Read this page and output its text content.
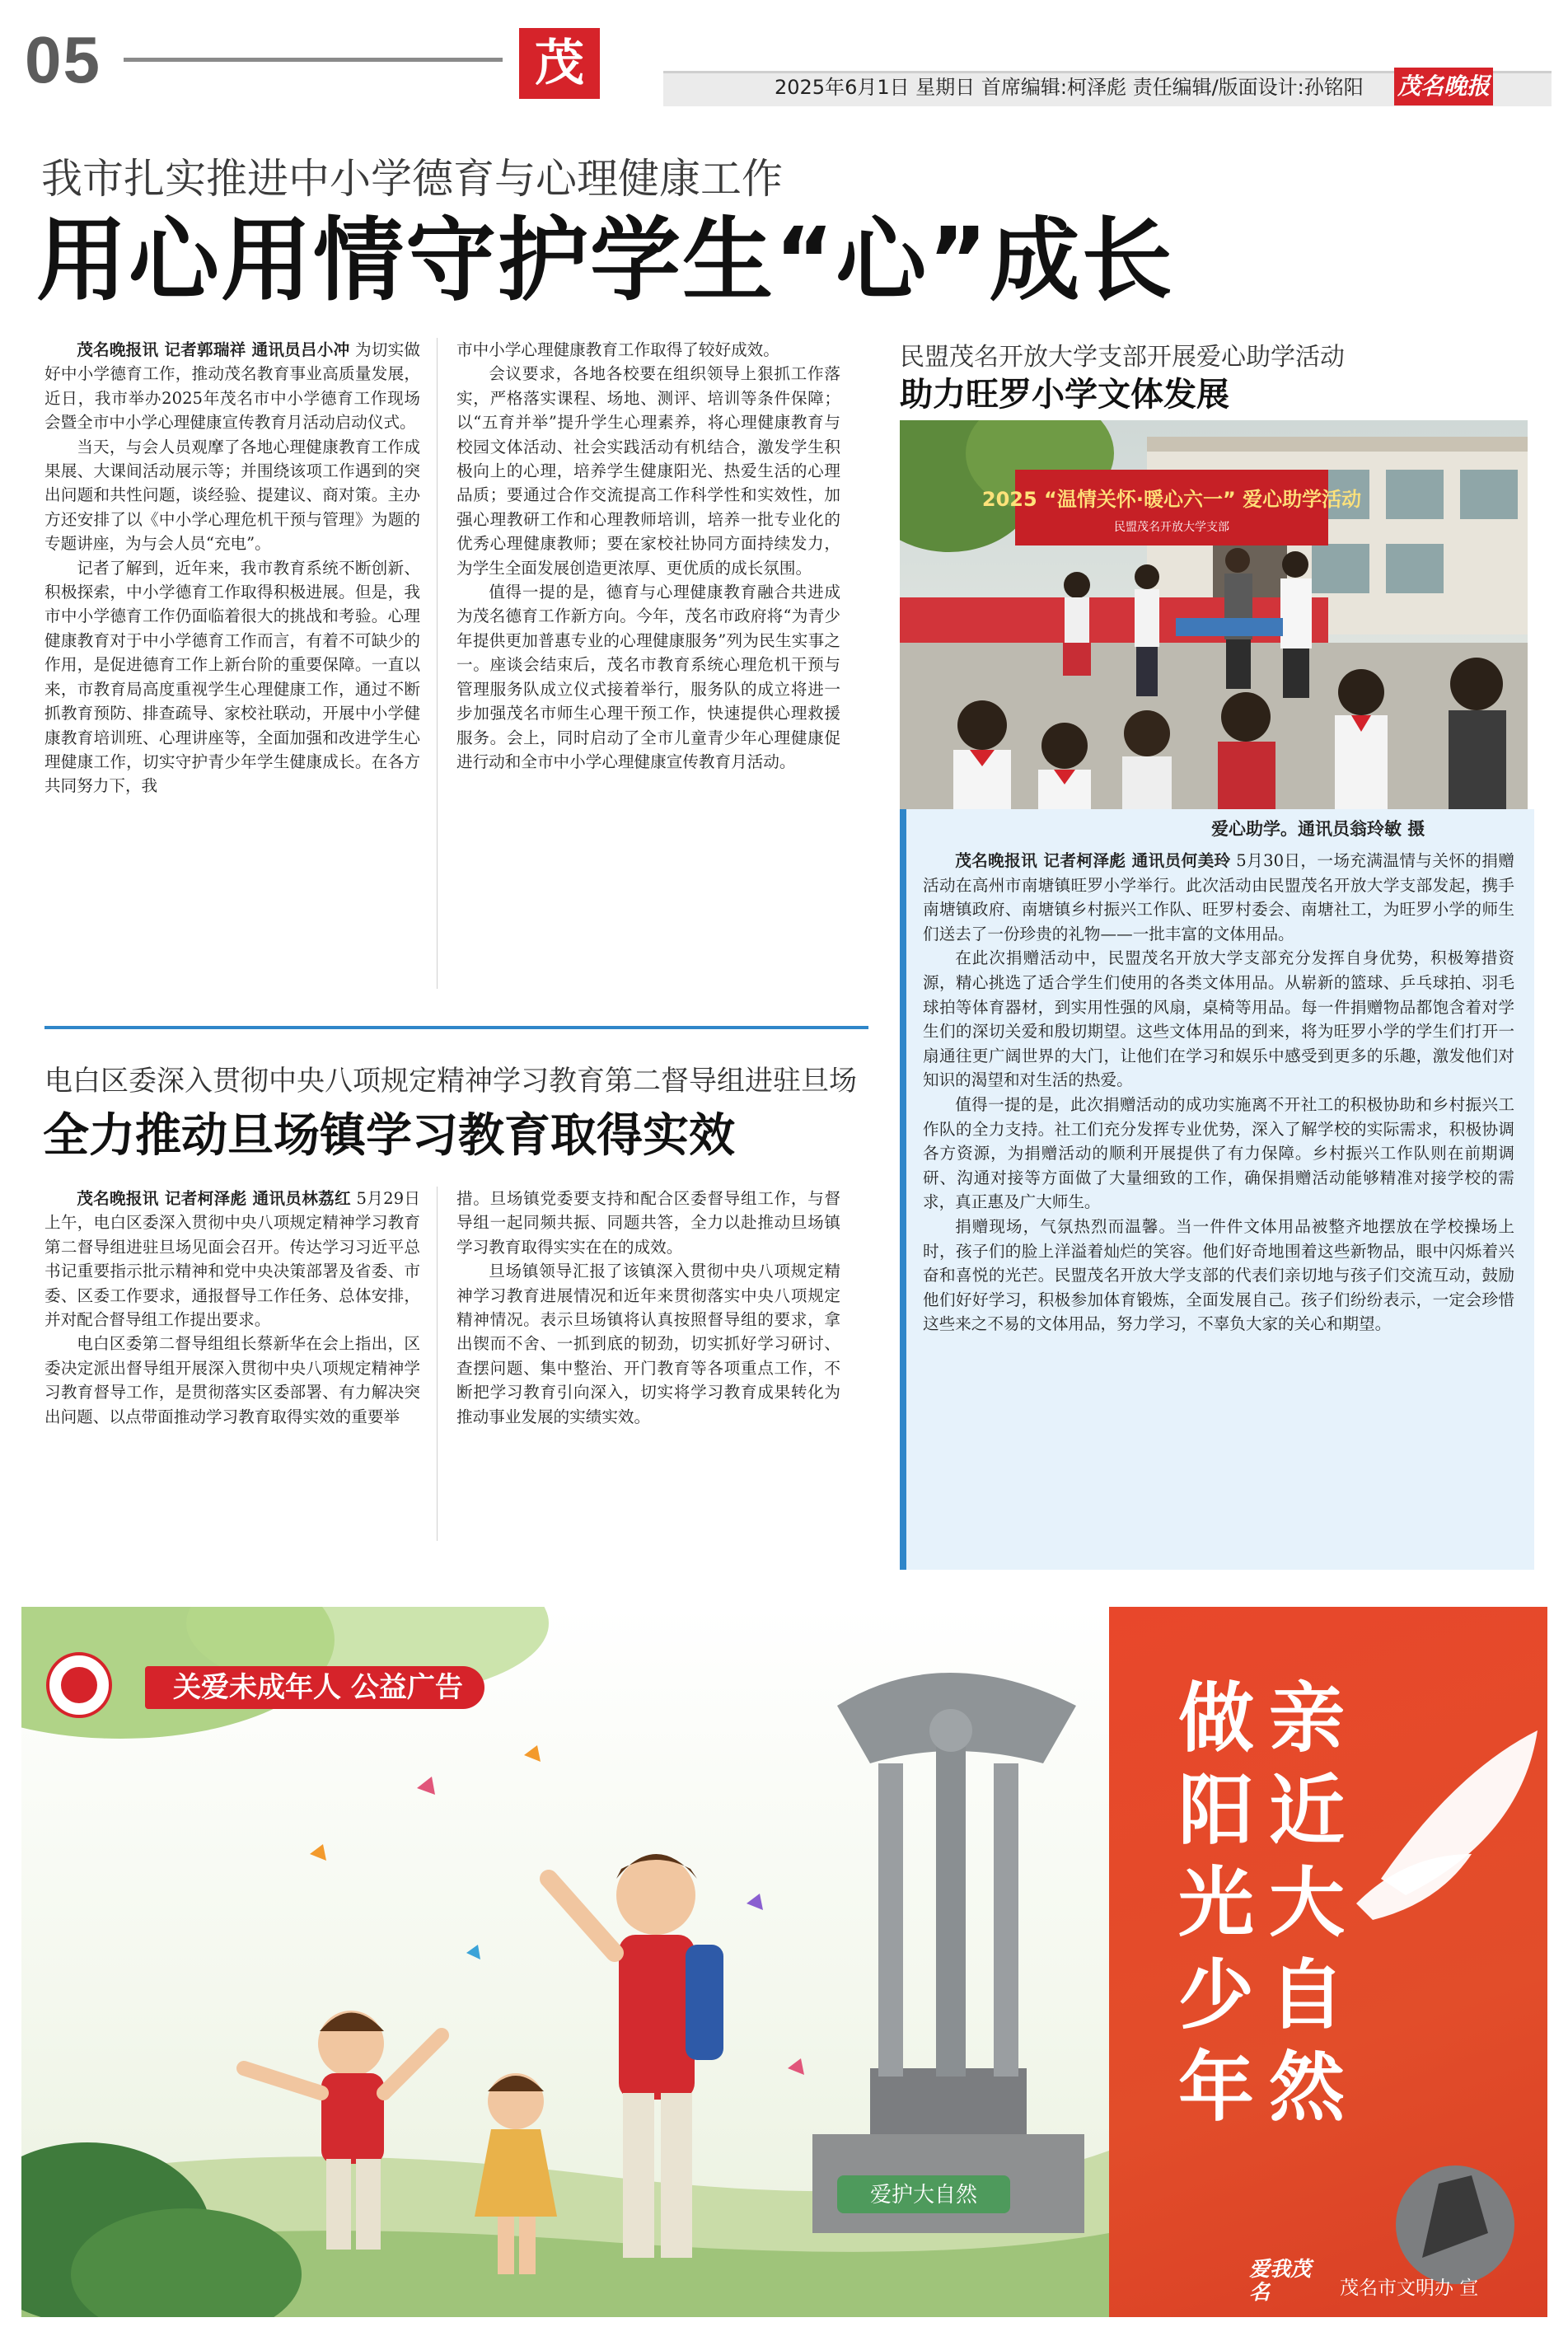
05	茂闻
2025年6月1日 星期日 首席编辑:柯泽彪 责任编辑/版面设计:孙铭阳 茂名晚报
我市扎实推进中小学德育与心理健康工作
用心用情守护学生“心”成长

茂名晚报讯 记者郭瑞祥 通讯员吕小冲 为切实做好中小学德育工作，推动茂名教育事业高质量发展，近日，我市举办2025年茂名市中小学德育工作现场会暨全市中小学心理健康宣传教育月活动启动仪式。

当天，与会人员观摩了各地心理健康教育工作成果展、大课间活动展示等；并围绕该项工作遇到的突出问题和共性问题，谈经验、提建议、商对策。主办方还安排了以《中小学心理危机干预与管理》为题的专题讲座，为与会人员“充电”。

记者了解到，近年来，我市教育系统不断创新、积极探索，中小学德育工作取得积极进展。但是，我市中小学德育工作仍面临着很大的挑战和考验。心理健康教育对于中小学德育工作而言，有着不可缺少的作用，是促进德育工作上新台阶的重要保障。一直以来，市教育局高度重视学生心理健康工作，通过不断抓教育预防、排查疏导、家校社联动，开展中小学健康教育培训班、心理讲座等，全面加强和改进学生心理健康工作，切实守护青少年学生健康成长。在各方共同努力下，我

市中小学心理健康教育工作取得了较好成效。

会议要求，各地各校要在组织领导上狠抓工作落实，严格落实课程、场地、测评、培训等条件保障；以“五育并举”提升学生心理素养，将心理健康教育与校园文体活动、社会实践活动有机结合，激发学生积极向上的心理，培养学生健康阳光、热爱生活的心理品质；要通过合作交流提高工作科学性和实效性，加强心理教研工作和心理教师培训，培养一批专业化的优秀心理健康教师；要在家校社协同方面持续发力，为学生全面发展创造更浓厚、更优质的成长氛围。

值得一提的是，德育与心理健康教育融合共进成为茂名德育工作新方向。今年，茂名市政府将“为青少年提供更加普惠专业的心理健康服务”列为民生实事之一。座谈会结束后，茂名市教育系统心理危机干预与管理服务队成立仪式接着举行，服务队的成立将进一步加强茂名市师生心理干预工作，快速提供心理救援服务。会上，同时启动了全市儿童青少年心理健康促进行动和全市中小学心理健康宣传教育月活动。

电白区委深入贯彻中央八项规定精神学习教育第二督导组进驻旦场
全力推动旦场镇学习教育取得实效

茂名晚报讯 记者柯泽彪 通讯员林荔红 5月29日上午，电白区委深入贯彻中央八项规定精神学习教育第二督导组进驻旦场见面会召开。传达学习习近平总书记重要指示批示精神和党中央决策部署及省委、市委、区委工作要求，通报督导工作任务、总体安排，并对配合督导组工作提出要求。

电白区委第二督导组组长蔡新华在会上指出，区委决定派出督导组开展深入贯彻中央八项规定精神学习教育督导工作，是贯彻落实区委部署、有力解决突出问题、以点带面推动学习教育取得实效的重要举

措。旦场镇党委要支持和配合区委督导组工作，与督导组一起同频共振、同题共答，全力以赴推动旦场镇学习教育取得实实在在的成效。

旦场镇领导汇报了该镇深入贯彻中央八项规定精神学习教育进展情况和近年来贯彻落实中央八项规定精神情况。表示旦场镇将认真按照督导组的要求，拿出锲而不舍、一抓到底的韧劲，切实抓好学习研讨、查摆问题、集中整治、开门教育等各项重点工作，不断把学习教育引向深入，切实将学习教育成果转化为推动事业发展的实绩实效。

民盟茂名开放大学支部开展爱心助学活动
助力旺罗小学文体发展
2025 “温情关怀·暖心六一” 爱心助学活动
民盟茂名开放大学支部
爱心助学。通讯员翁玲敏 摄

茂名晚报讯 记者柯泽彪 通讯员何美玲 5月30日，一场充满温情与关怀的捐赠活动在高州市南塘镇旺罗小学举行。此次活动由民盟茂名开放大学支部发起，携手南塘镇政府、南塘镇乡村振兴工作队、旺罗村委会、南塘社工，为旺罗小学的师生们送去了一份珍贵的礼物——一批丰富的文体用品。

在此次捐赠活动中，民盟茂名开放大学支部充分发挥自身优势，积极筹措资源，精心挑选了适合学生们使用的各类文体用品。从崭新的篮球、乒乓球拍、羽毛球拍等体育器材，到实用性强的风扇，桌椅等用品。每一件捐赠物品都饱含着对学生们的深切关爱和殷切期望。这些文体用品的到来，将为旺罗小学的学生们打开一扇通往更广阔世界的大门，让他们在学习和娱乐中感受到更多的乐趣，激发他们对知识的渴望和对生活的热爱。

值得一提的是，此次捐赠活动的成功实施离不开社工的积极协助和乡村振兴工作队的全力支持。社工们充分发挥专业优势，深入了解学校的实际需求，积极协调各方资源，为捐赠活动的顺利开展提供了有力保障。乡村振兴工作队则在前期调研、沟通对接等方面做了大量细致的工作，确保捐赠活动能够精准对接学校的需求，真正惠及广大师生。

捐赠现场，气氛热烈而温馨。当一件件文体用品被整齐地摆放在学校操场上时，孩子们的脸上洋溢着灿烂的笑容。他们好奇地围着这些新物品，眼中闪烁着兴奋和喜悦的光芒。民盟茂名开放大学支部的代表们亲切地与孩子们交流互动，鼓励他们好好学习，积极参加体育锻炼，全面发展自己。孩子们纷纷表示，一定会珍惜这些来之不易的文体用品，努力学习，不辜负大家的关心和期望。

爱护大自然
关爱未成年人 公益广告	亲近大自然
做阳光少年
爱我茂名	茂名市文明办 宣
